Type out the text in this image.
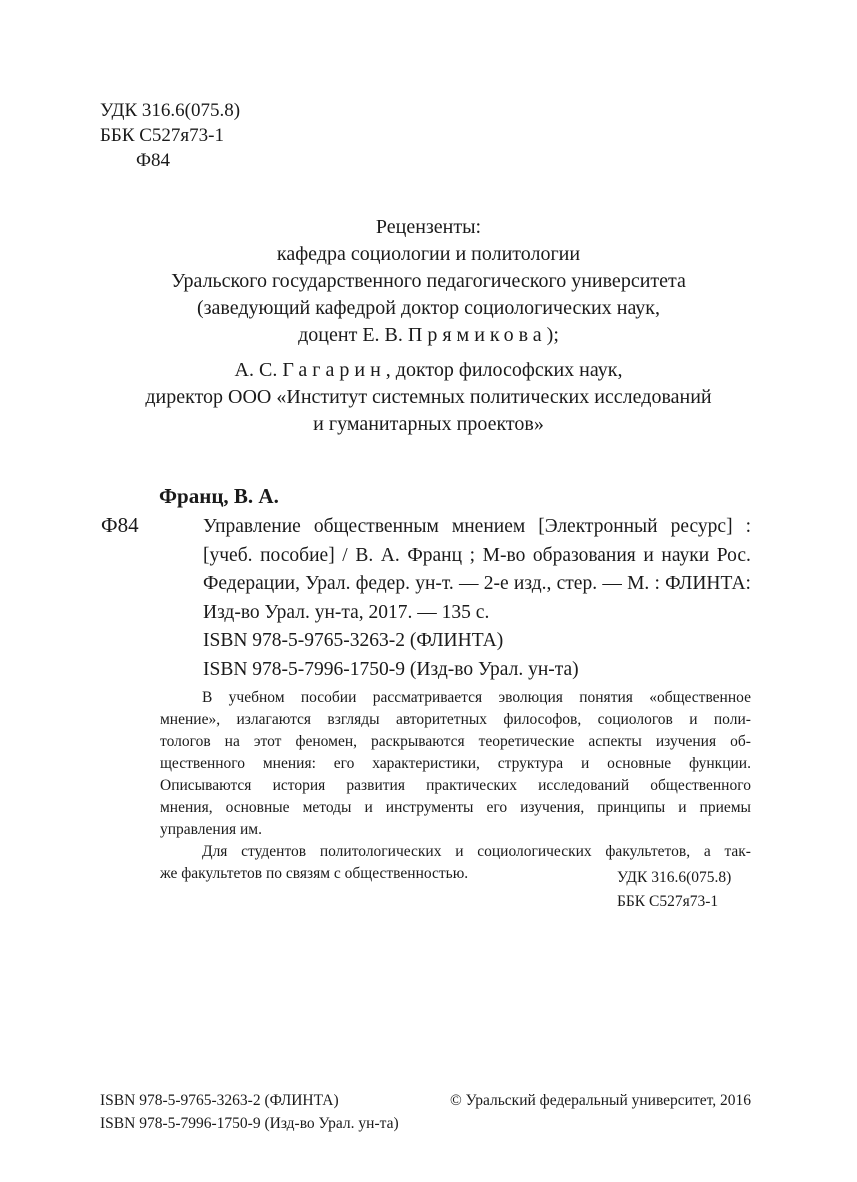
УДК 316.6(075.8)
ББК С527я73-1
Ф84
Рецензенты:
кафедра социологии и политологии
Уральского государственного педагогического университета
(заведующий кафедрой доктор социологических наук,
доцент Е. В. Прямикова);
А. С. Гагарин, доктор философских наук,
директор ООО «Институт системных политических исследований
и гуманитарных проектов»
Франц, В. А.
Ф84	Управление общественным мнением [Электронный ресурс] :
[учеб. пособие] / В. А. Франц ; М-во образования и науки Рос.
Федерации, Урал. федер. ун-т. — 2-е изд., стер. — М. : ФЛИНТА:
Изд-во Урал. ун-та, 2017. — 135 с.
ISBN 978-5-9765-3263-2 (ФЛИНТА)
ISBN 978-5-7996-1750-9 (Изд-во Урал. ун-та)
В учебном пособии рассматривается эволюция понятия «общественное
мнение», излагаются взгляды авторитетных философов, социологов и поли-
тологов на этот феномен, раскрываются теоретические аспекты изучения об-
щественного мнения: его характеристики, структура и основные функции.
Описываются история развития практических исследований общественного
мнения, основные методы и инструменты его изучения, принципы и приемы
управления им.
Для студентов политологических и социологических факультетов, а так-
же факультетов по связям с общественностью.	УДК 316.6(075.8)
ББК С527я73-1
ISBN 978-5-9765-3263-2 (ФЛИНТА)
ISBN 978-5-7996-1750-9 (Изд-во Урал. ун-та)
© Уральский федеральный университет, 2016
